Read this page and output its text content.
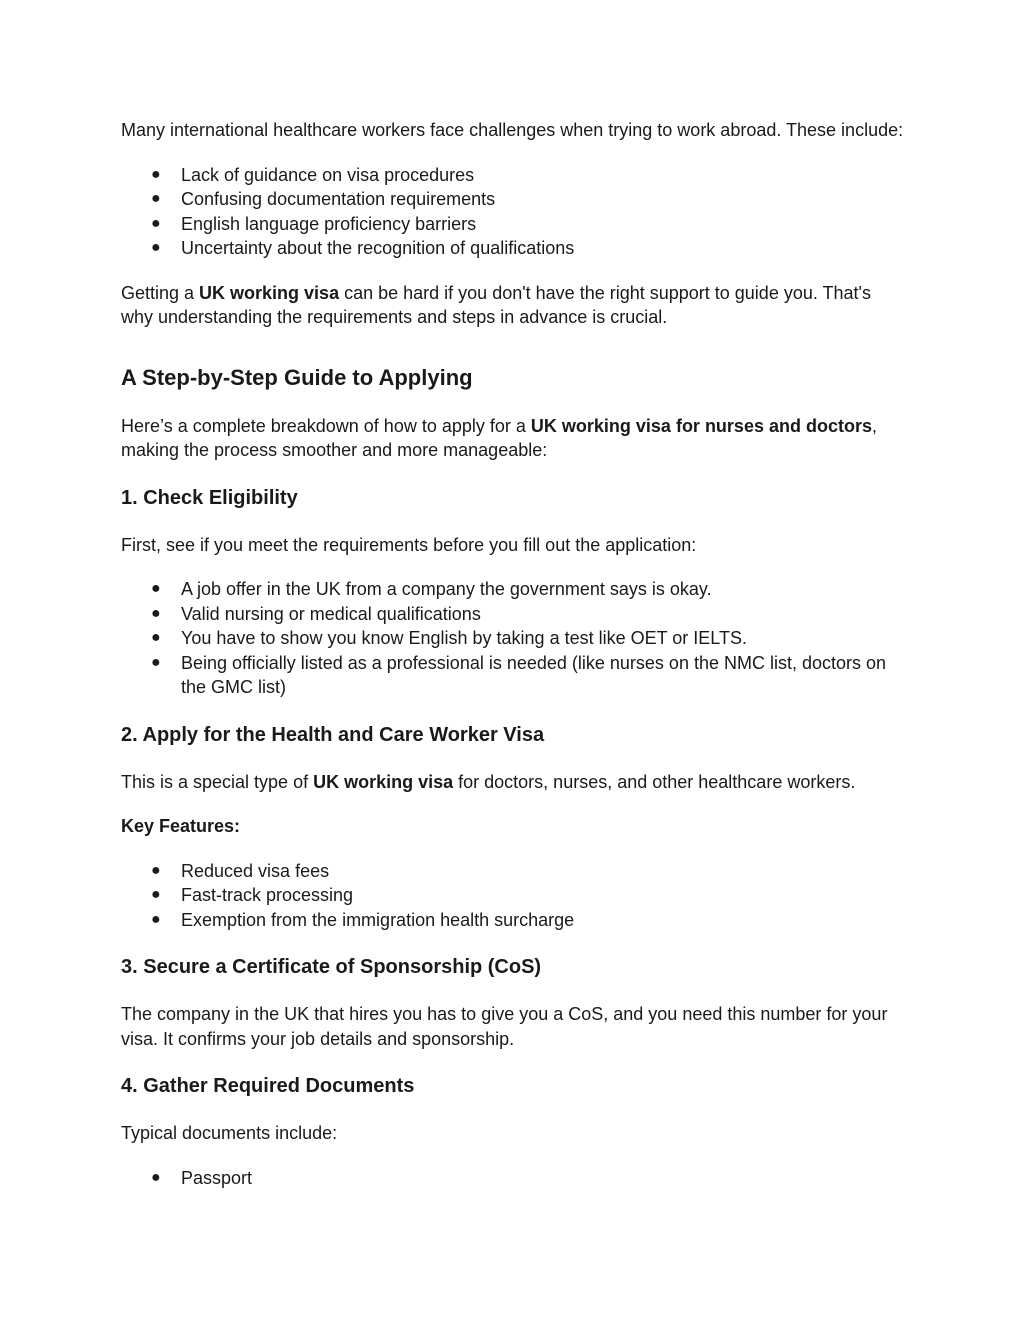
Many international healthcare workers face challenges when trying to work abroad. These include:

● Lack of guidance on visa procedures
● Confusing documentation requirements
● English language proficiency barriers
● Uncertainty about the recognition of qualifications

Getting a UK working visa can be hard if you don't have the right support to guide you. That's why understanding the requirements and steps in advance is crucial.

A Step-by-Step Guide to Applying

Here’s a complete breakdown of how to apply for a UK working visa for nurses and doctors, making the process smoother and more manageable:

1. Check Eligibility

First, see if you meet the requirements before you fill out the application:

● A job offer in the UK from a company the government says is okay.
● Valid nursing or medical qualifications
● You have to show you know English by taking a test like OET or IELTS.
● Being officially listed as a professional is needed (like nurses on the NMC list, doctors on the GMC list)
2. Apply for the Health and Care Worker Visa

This is a special type of UK working visa for doctors, nurses, and other healthcare workers.

Key Features:

● Reduced visa fees
● Fast-track processing
● Exemption from the immigration health surcharge
3. Secure a Certificate of Sponsorship (CoS)

The company in the UK that hires you has to give you a CoS, and you need this number for your visa. It confirms your job details and sponsorship.

4. Gather Required Documents

Typical documents include:

● Passport
